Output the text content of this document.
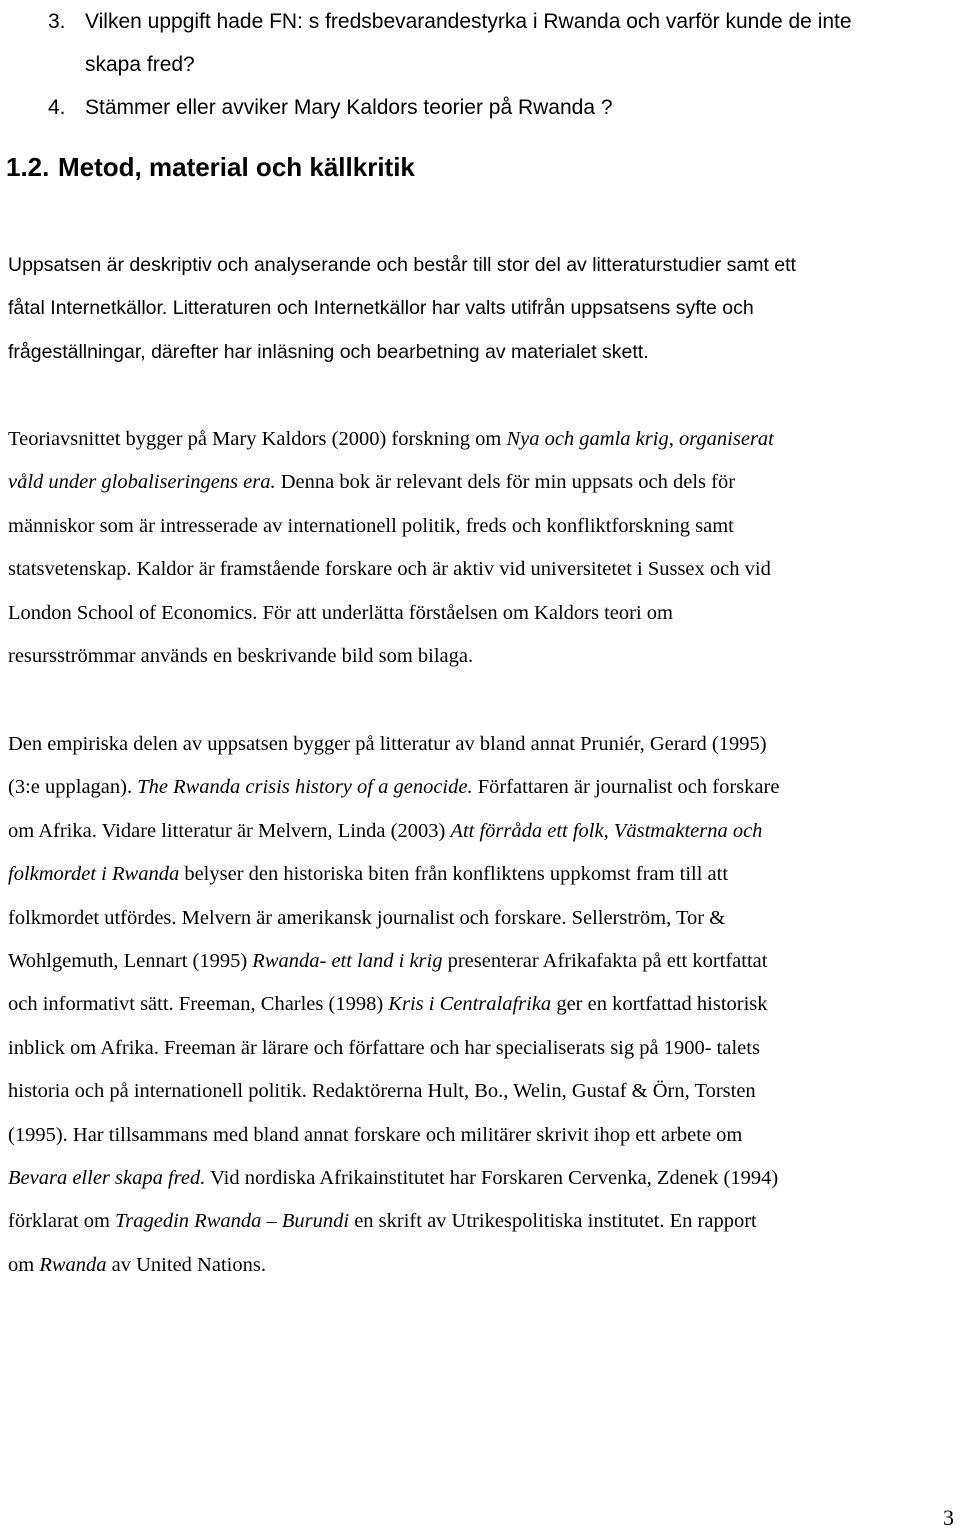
3. Vilken uppgift hade FN: s fredsbevarandestyrka i Rwanda och varför kunde de inte
skapa fred?
4. Stämmer eller avviker Mary Kaldors teorier på Rwanda ?
1.2. Metod, material och källkritik

Uppsatsen är deskriptiv och analyserande och består till stor del av litteraturstudier samt ett
fåtal Internetkällor. Litteraturen och Internetkällor har valts utifrån uppsatsens syfte och
frågeställningar, därefter har inläsning och bearbetning av materialet skett.

Teoriavsnittet bygger på Mary Kaldors (2000) forskning om Nya och gamla krig, organiserat
våld under globaliseringens era. Denna bok är relevant dels för min uppsats och dels för
människor som är intresserade av internationell politik, freds och konfliktforskning samt
statsvetenskap. Kaldor är framstående forskare och är aktiv vid universitetet i Sussex och vid
London School of Economics. För att underlätta förståelsen om Kaldors teori om
resursströmmar används en beskrivande bild som bilaga.

Den empiriska delen av uppsatsen bygger på litteratur av bland annat Pruniér, Gerard (1995)
(3:e upplagan). The Rwanda crisis history of a genocide. Författaren är journalist och forskare
om Afrika. Vidare litteratur är Melvern, Linda (2003) Att förråda ett folk, Västmakterna och
folkmordet i Rwanda belyser den historiska biten från konfliktens uppkomst fram till att
folkmordet utfördes. Melvern är amerikansk journalist och forskare. Sellerström, Tor &
Wohlgemuth, Lennart (1995) Rwanda- ett land i krig presenterar Afrikafakta på ett kortfattat
och informativt sätt. Freeman, Charles (1998) Kris i Centralafrika ger en kortfattad historisk
inblick om Afrika. Freeman är lärare och författare och har specialiserats sig på 1900- talets
historia och på internationell politik. Redaktörerna Hult, Bo., Welin, Gustaf & Örn, Torsten
(1995). Har tillsammans med bland annat forskare och militärer skrivit ihop ett arbete om
Bevara eller skapa fred. Vid nordiska Afrikainstitutet har Forskaren Cervenka, Zdenek (1994)
förklarat om Tragedin Rwanda – Burundi en skrift av Utrikespolitiska institutet. En rapport
om Rwanda av United Nations.

3
